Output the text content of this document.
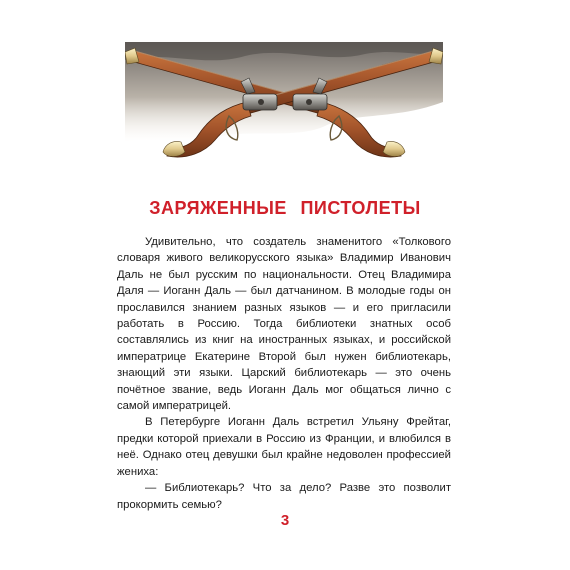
ЗАРЯЖЕННЫЕ ПИСТОЛЕТЫ

Удивительно, что создатель знаменитого «Толкового словаря живого великорусского языка» Владимир Иванович Даль не был русским по национальности. Отец Владимира Даля — Иоганн Даль — был датчанином. В молодые годы он прославился знанием разных языков — и его пригласили работать в Россию. Тогда библиотеки знатных особ составлялись из книг на иностранных языках, и российской императрице Екатерине Второй был нужен библиотекарь, знающий эти языки. Царский библиотекарь — это очень почётное звание, ведь Иоганн Даль мог общаться лично с самой императрицей.

В Петербурге Иоганн Даль встретил Ульяну Фрейтаг, предки которой приехали в Россию из Франции, и влюбился в неё. Однако отец девушки был крайне недоволен профессией жениха:

— Библиотекарь? Что за дело? Разве это позволит прокормить семью?

3
